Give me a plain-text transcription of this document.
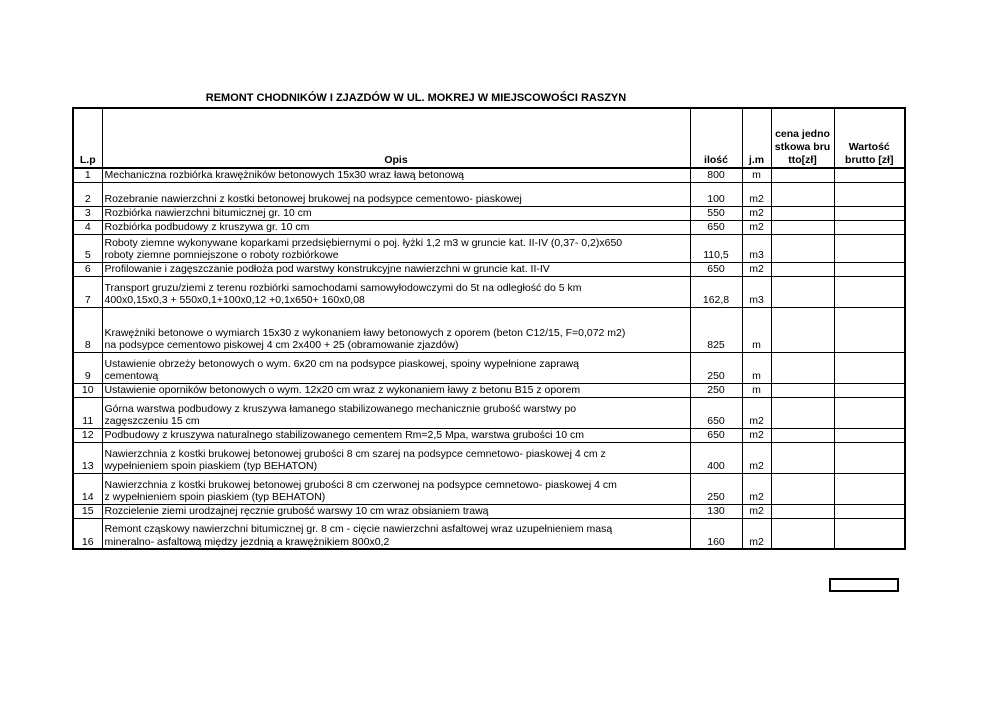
REMONT CHODNIKÓW I ZJAZDÓW W UL. MOKREJ W MIEJSCOWOŚCI RASZYN
L.p	Opis	ilość	j.m	cena jednostkowa brutto[zł]	Wartość brutto [zł]
1	Mechaniczna rozbiórka krawężników betonowych 15x30 wraz ławą betonową	800	m		
2	Rozebranie nawierzchni z kostki betonowej brukowej na podsypce cementowo- piaskowej	100	m2		
3	Rozbiórka nawierzchni bitumicznej gr. 10 cm	550	m2		
4	Rozbiórka podbudowy z kruszywa gr. 10 cm	650	m2		
5	Roboty ziemne wykonywane koparkami przedsiębiernymi o poj. łyżki 1,2 m3 w gruncie kat. II-IV (0,37- 0,2)x650
roboty ziemne pomniejszone o roboty rozbiórkowe	110,5	m3		
6	Profilowanie i zagęszczanie podłoża pod warstwy konstrukcyjne nawierzchni w gruncie kat. II-IV	650	m2		
7	Transport gruzu/ziemi z terenu rozbiórki samochodami samowyłodowczymi do 5t na odległość do 5 km
400x0,15x0,3 + 550x0,1+100x0,12 +0,1x650+ 160x0,08	162,8	m3		
8	Krawężniki betonowe o wymiarch 15x30 z wykonaniem ławy betonowych z oporem (beton C12/15, F=0,072 m2)
na podsypce cementowo piskowej 4 cm 2x400 + 25 (obramowanie zjazdów)	825	m		
9	Ustawienie obrzeży betonowych o wym. 6x20 cm na podsypce piaskowej, spoiny wypełnione zaprawą
cementową	250	m		
10	Ustawienie oporników betonowych o wym. 12x20 cm wraz z wykonaniem ławy z betonu B15 z oporem	250	m		
11	Górna warstwa podbudowy z kruszywa łamanego stabilizowanego mechanicznie grubość warstwy po
zagęszczeniu 15 cm	650	m2		
12	Podbudowy z kruszywa naturalnego stabilizowanego cementem Rm=2,5 Mpa, warstwa grubości 10 cm	650	m2		
13	Nawierzchnia z kostki brukowej betonowej grubości 8 cm szarej na podsypce cemnetowo- piaskowej 4 cm z
wypełnieniem spoin piaskiem (typ BEHATON)	400	m2		
14	Nawierzchnia z kostki brukowej betonowej grubości 8 cm czerwonej na podsypce cemnetowo- piaskowej 4 cm
z wypełnieniem spoin piaskiem (typ BEHATON)	250	m2		
15	Rozcielenie ziemi urodzajnej ręcznie grubość warswy 10 cm wraz obsianiem trawą	130	m2		
16	Remont cząskowy nawierzchni bitumicznej gr. 8 cm - cięcie nawierzchni asfaltowej wraz uzupełnieniem masą
mineralno- asfaltową między jezdnią a krawężnikiem 800x0,2	160	m2		
